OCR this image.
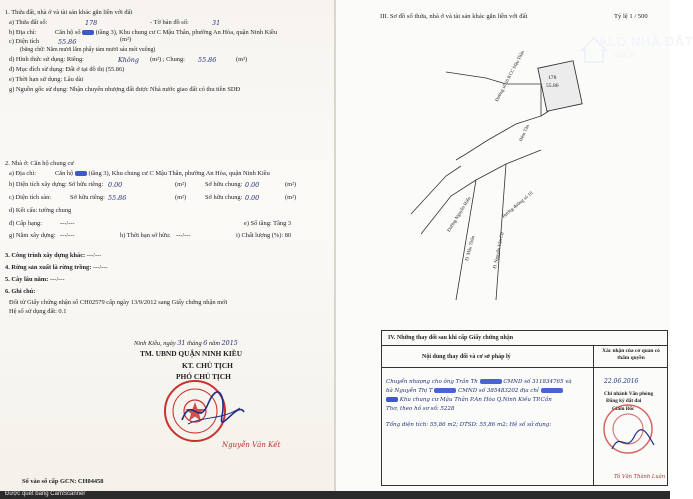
1. Thửa đất, nhà ở và tài sản khác gắn liền với đất
a) Thửa đất số:	178	- Tờ bản đồ số:	31
b) Địa chỉ:	Căn hộ số (tầng 3), Khu chung cư C Mậu Thân, phường An Hòa, quận Ninh Kiều
c) Diện tích	55.86	(m²)
(bằng chữ: Năm mươi lăm phẩy tám mươi sáu mét vuông)
d) Hình thức sử dụng: Riêng:	Không (m²) ; Chung: 55.86	(m²)
đ) Mục đích sử dụng: Đất ở tại đô thị (55.86)
e) Thời hạn sử dụng: Lâu dài
g) Nguồn gốc sử dụng: Nhận chuyển nhượng đất được Nhà nước giao đất có thu tiền SDĐ
2. Nhà ở: Căn hộ chung cư
a) Địa chỉ:	Căn hộ (tầng 3), Khu chung cư C Mậu Thân, phường An Hòa, quận Ninh Kiều
b) Diện tích xây dựng: Sở hữu riêng: 0.00	(m²)	Sở hữu chung: 0.00	(m²)
c) Diện tích sàn:	Sở hữu riêng: 55.86	(m²)	Sở hữu chung: 0.00	(m²)
d) Kết cấu: tường chung
đ) Cấp hạng:	---/---	e) Số tầng: Tầng 3
g) Năm xây dựng: ---/---	h) Thời hạn sở hữu: ---/---	i) Chất lượng (%): 80
3. Công trình xây dựng khác: ---/---
4. Rừng sản xuất là rừng trồng: ---/---
5. Cây lâu năm: ---/---
6. Ghi chú:
Đổi từ Giấy chứng nhận số CH02579 cấp ngày 13/9/2012 sang Giấy chứng nhận mới
Hệ số sử dụng đất: 0.1
Ninh Kiều, ngày 31 tháng 6 năm 2015
TM. UBND QUẬN NINH KIỀU
KT. CHỦ TỊCH
PHÓ CHỦ TỊCH
Nguyễn Văn Kết
Số vào sổ cấp GCN: CH04458
III. Sơ đồ số thửa, nhà ở và tài sản khác gắn liền với đất	Tỷ lệ 1 / 500
178
55.86
Đường số 10 KCC Mậu Thân
Hướng đường số 10
Hẻm Tân
Đường Nguyễn Hiển
Đ. Mậu Thân	Đ. Nguyễn Văn Cừ
IV. Những thay đổi sau khi cấp Giấy chứng nhận
Nội dung thay đổi và cơ sở pháp lý
Xác nhận của cơ quan có thẩm quyền
Chuyển nhượng cho ông Trần Th	CMND số 311834765 và
bà Nguyễn Thị T	CMND số 385483202 địa chỉ
Khu chung cư Mậu Thân P.An Hòa Q.Ninh Kiều TP.Cần
Thơ, theo hồ sơ số: 5228
Tổng diện tích: 55,86 m2; DTSD: 55,86 m2; Hệ số sử dụng:
22.06.2016
Chi nhánh Văn phòng
Đăng ký đất đai
Giám Đốc
Tô Văn Thành Luân
ALO NHÀ ĐẤT
.com.vn
Được quét bằng CamScanner
